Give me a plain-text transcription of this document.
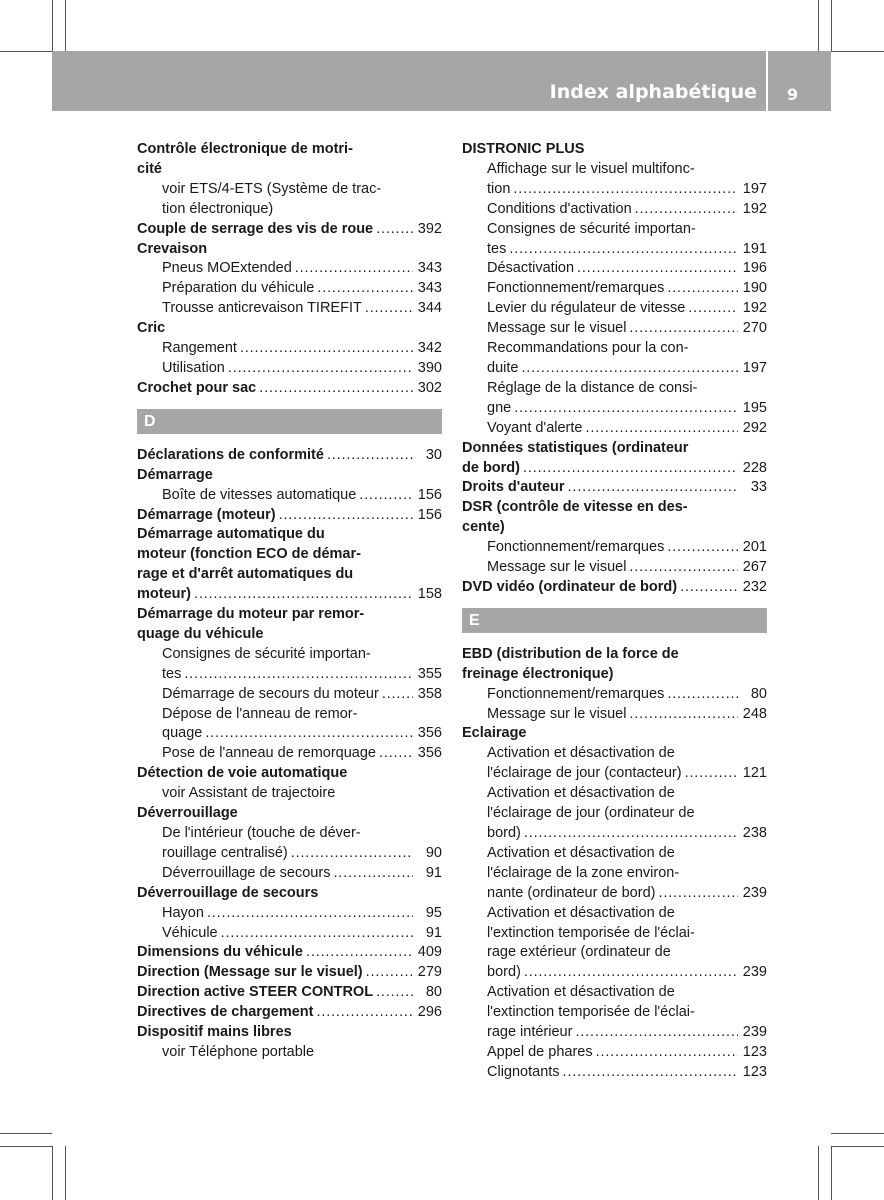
Index alphabétique 9
Contrôle électronique de motri-
cité
voir ETS/4-ETS (Système de trac-
tion électronique)
Couple de serrage des vis de roue . . .	392
Crevaison
Pneus MOExtended . . .	343
Préparation du véhicule . . .	343
Trousse anticrevaison TIREFIT . . .	344
Cric
Rangement . . .	342
Utilisation . . .	390
Crochet pour sac . . .	302
D
Déclarations de conformité . . .	30
Démarrage
Boîte de vitesses automatique . . .	156
Démarrage (moteur) . . .	156
Démarrage automatique du
moteur (fonction ECO de démar-
rage et d'arrêt automatiques du
moteur) . . .	158
Démarrage du moteur par remor-
quage du véhicule
Consignes de sécurité importan-
tes . . .	355
Démarrage de secours du moteur . . .	358
Dépose de l'anneau de remor-
quage . . .	356
Pose de l'anneau de remorquage . . .	356
Détection de voie automatique
voir Assistant de trajectoire
Déverrouillage
De l'intérieur (touche de déver-
rouillage centralisé) . . .	90
Déverrouillage de secours . . .	91
Déverrouillage de secours
Hayon . . .	95
Véhicule . . .	91
Dimensions du véhicule . . .	409
Direction (Message sur le visuel) . . .	279
Direction active STEER CONTROL . . .	80
Directives de chargement . . .	296
Dispositif mains libres
voir Téléphone portable
DISTRONIC PLUS
Affichage sur le visuel multifonc-
tion . . .	197
Conditions d'activation . . .	192
Consignes de sécurité importan-
tes . . .	191
Désactivation . . .	196
Fonctionnement/remarques . . .	190
Levier du régulateur de vitesse . . .	192
Message sur le visuel . . .	270
Recommandations pour la con-
duite . . .	197
Réglage de la distance de consi-
gne . . .	195
Voyant d'alerte . . .	292
Données statistiques (ordinateur
de bord) . . .	228
Droits d'auteur . . .	33
DSR (contrôle de vitesse en des-
cente)
Fonctionnement/remarques . . .	201
Message sur le visuel . . .	267
DVD vidéo (ordinateur de bord) . . .	232
E
EBD (distribution de la force de
freinage électronique)
Fonctionnement/remarques . . .	80
Message sur le visuel . . .	248
Eclairage
Activation et désactivation de
l'éclairage de jour (contacteur) . . .	121
Activation et désactivation de
l'éclairage de jour (ordinateur de
bord) . . .	238
Activation et désactivation de
l'éclairage de la zone environ-
nante (ordinateur de bord) . . .	239
Activation et désactivation de
l'extinction temporisée de l'éclai-
rage extérieur (ordinateur de
bord) . . .	239
Activation et désactivation de
l'extinction temporisée de l'éclai-
rage intérieur . . .	239
Appel de phares . . .	123
Clignotants . . .	123
